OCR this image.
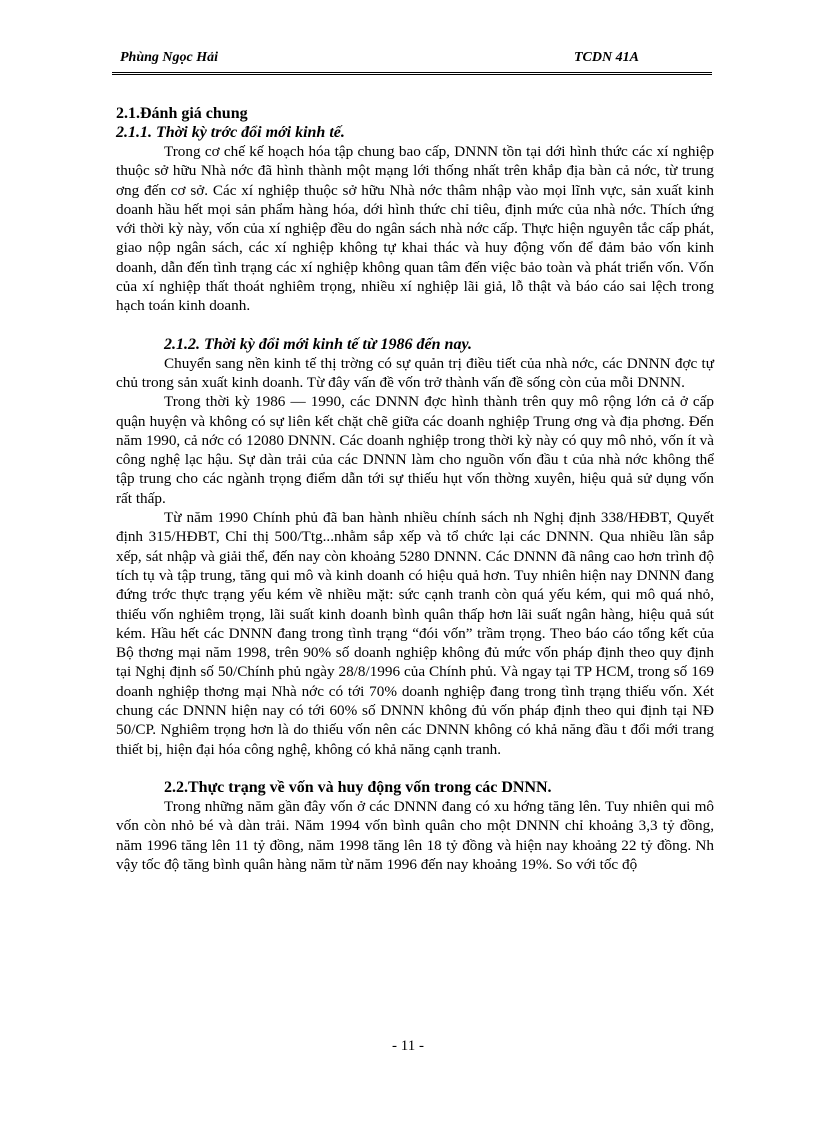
Phùng Ngọc Hải	TCDN 41A

2.1.Đánh giá chung

2.1.1. Thời kỳ trớc đổi mới kinh tế.

Trong cơ chế kế hoạch hóa tập chung bao cấp, DNNN tồn tại dới hình thức các xí nghiệp thuộc sở hữu Nhà nớc đã hình thành một mạng lới thống nhất trên khắp địa bàn cả nớc, từ trung ơng đến cơ sở. Các xí nghiệp thuộc sở hữu Nhà nớc thâm nhập vào mọi lĩnh vực, sản xuất kinh doanh hầu hết mọi sản phẩm hàng hóa, dới hình thức chỉ tiêu, định mức của nhà nớc. Thích ứng với thời kỳ này, vốn của xí nghiệp đều do ngân sách nhà nớc cấp. Thực hiện nguyên tắc cấp phát, giao nộp ngân sách, các xí nghiệp không tự khai thác và huy động vốn để đảm bảo vốn kinh doanh, dẫn đến tình trạng các xí nghiệp không quan tâm đến việc bảo toàn và phát triển vốn. Vốn của xí nghiệp thất thoát nghiêm trọng, nhiều xí nghiệp lãi giả, lỗ thật và báo cáo sai lệch trong hạch toán kinh doanh.

2.1.2. Thời kỳ đổi mới kinh tế từ 1986 đến nay.

Chuyển sang nền kinh tế thị trờng có sự quản trị điều tiết của nhà nớc, các DNNN đợc tự chủ trong sản xuất kinh doanh. Từ đây vấn đề vốn trở thành vấn đề sống còn của mỗi DNNN.

Trong thời kỳ 1986 — 1990, các DNNN đợc hình thành trên quy mô rộng lớn cả ở cấp quận huyện và không có sự liên kết chặt chẽ giữa các doanh nghiệp Trung ơng và địa phơng. Đến năm 1990, cả nớc có 12080 DNNN. Các doanh nghiệp trong thời kỳ này có quy mô nhỏ, vốn ít và công nghệ lạc hậu. Sự dàn trải của các DNNN làm cho nguồn vốn đầu t của nhà nớc không thể tập trung cho các ngành trọng điểm dẫn tới sự thiếu hụt vốn thờng xuyên, hiệu quả sử dụng vốn rất thấp.

Từ năm 1990 Chính phủ đã ban hành nhiều chính sách nh Nghị định 338/HĐBT, Quyết định 315/HĐBT, Chỉ thị 500/Ttg...nhằm sắp xếp và tổ chức lại các DNNN. Qua nhiều lần sắp xếp, sát nhập và giải thể, đến nay còn khoảng 5280 DNNN. Các DNNN đã nâng cao hơn trình độ tích tụ và tập trung, tăng qui mô và kinh doanh có hiệu quả hơn. Tuy nhiên hiện nay DNNN đang đứng trớc thực trạng yếu kém về nhiều mặt: sức cạnh tranh còn quá yếu kém, qui mô quá nhỏ, thiếu vốn nghiêm trọng, lãi suất kinh doanh bình quân thấp hơn lãi suất ngân hàng, hiệu quả sút kém. Hầu hết các DNNN đang trong tình trạng “đói vốn” trầm trọng. Theo báo cáo tổng kết của Bộ thơng mại năm 1998, trên 90% số doanh nghiệp không đủ mức vốn pháp định theo quy định tại Nghị định số 50/Chính phủ ngày 28/8/1996 của Chính phủ. Và ngay tại TP HCM, trong số 169 doanh nghiệp thơng mại Nhà nớc có tới 70% doanh nghiệp đang trong tình trạng thiếu vốn. Xét chung các DNNN hiện nay có tới 60% số DNNN không đủ vốn pháp định theo qui định tại NĐ 50/CP. Nghiêm trọng hơn là do thiếu vốn nên các DNNN không có khả năng đầu t đổi mới trang thiết bị, hiện đại hóa công nghệ, không có khả năng cạnh tranh.

2.2.Thực trạng về vốn và huy động vốn trong các DNNN.

Trong những năm gần đây vốn ở các DNNN đang có xu hớng tăng lên. Tuy nhiên qui mô vốn còn nhỏ bé và dàn trải. Năm 1994 vốn bình quân cho một DNNN chỉ khoảng 3,3 tỷ đồng, năm 1996 tăng lên 11 tỷ đồng, năm 1998 tăng lên 18 tỷ đồng và hiện nay khoảng 22 tỷ đồng. Nh vậy tốc độ tăng bình quân hàng năm từ năm 1996 đến nay khoảng 19%. So với tốc độ

- 11 -
